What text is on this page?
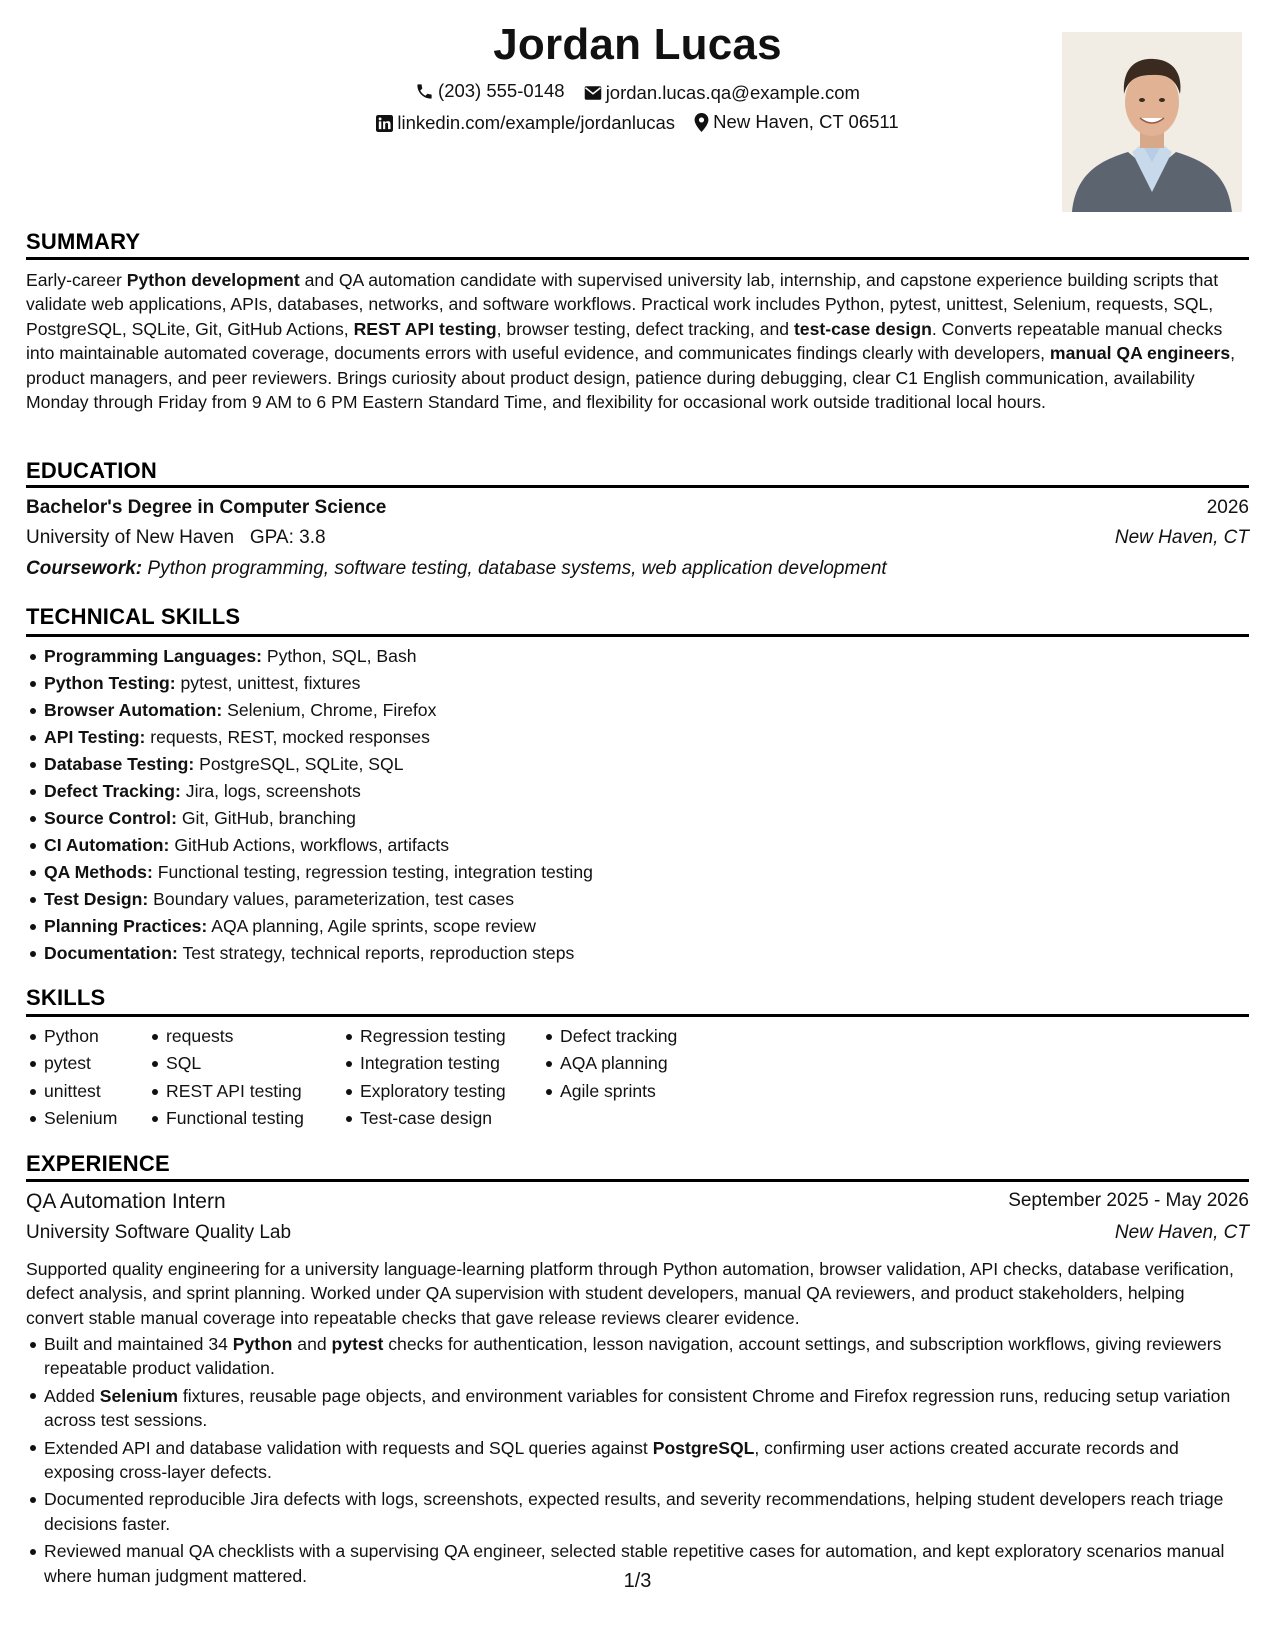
Jordan Lucas
(203) 555-0148
jordan.lucas.qa@example.com
linkedin.com/example/jordanlucas
New Haven, CT 06511
SUMMARY
Early-career Python development and QA automation candidate with supervised university lab, internship, and capstone experience building scripts that validate web applications, APIs, databases, networks, and software workflows. Practical work includes Python, pytest, unittest, Selenium, requests, SQL, PostgreSQL, SQLite, Git, GitHub Actions, REST API testing, browser testing, defect tracking, and test-case design. Converts repeatable manual checks into maintainable automated coverage, documents errors with useful evidence, and communicates findings clearly with developers, manual QA engineers, product managers, and peer reviewers. Brings curiosity about product design, patience during debugging, clear C1 English communication, availability Monday through Friday from 9 AM to 6 PM Eastern Standard Time, and flexibility for occasional work outside traditional local hours.
EDUCATION
Bachelor's Degree in Computer Science	2026
University of New Haven GPA: 3.8	New Haven, CT
Coursework: Python programming, software testing, database systems, web application development
TECHNICAL SKILLS
Programming Languages: Python, SQL, Bash
Python Testing: pytest, unittest, fixtures
Browser Automation: Selenium, Chrome, Firefox
API Testing: requests, REST, mocked responses
Database Testing: PostgreSQL, SQLite, SQL
Defect Tracking: Jira, logs, screenshots
Source Control: Git, GitHub, branching
CI Automation: GitHub Actions, workflows, artifacts
QA Methods: Functional testing, regression testing, integration testing
Test Design: Boundary values, parameterization, test cases
Planning Practices: AQA planning, Agile sprints, scope review
Documentation: Test strategy, technical reports, reproduction steps
SKILLS
Python
pytest
unittest
Selenium
requests
SQL
REST API testing
Functional testing
Regression testing
Integration testing
Exploratory testing
Test-case design
Defect tracking
AQA planning
Agile sprints
EXPERIENCE
QA Automation Intern	September 2025 - May 2026
University Software Quality Lab	New Haven, CT
Supported quality engineering for a university language-learning platform through Python automation, browser validation, API checks, database verification, defect analysis, and sprint planning. Worked under QA supervision with student developers, manual QA reviewers, and product stakeholders, helping convert stable manual coverage into repeatable checks that gave release reviews clearer evidence.
Built and maintained 34 Python and pytest checks for authentication, lesson navigation, account settings, and subscription workflows, giving reviewers repeatable product validation.
Added Selenium fixtures, reusable page objects, and environment variables for consistent Chrome and Firefox regression runs, reducing setup variation across test sessions.
Extended API and database validation with requests and SQL queries against PostgreSQL, confirming user actions created accurate records and exposing cross-layer defects.
Documented reproducible Jira defects with logs, screenshots, expected results, and severity recommendations, helping student developers reach triage decisions faster.
Reviewed manual QA checklists with a supervising QA engineer, selected stable repetitive cases for automation, and kept exploratory scenarios manual where human judgment mattered.	1/3
